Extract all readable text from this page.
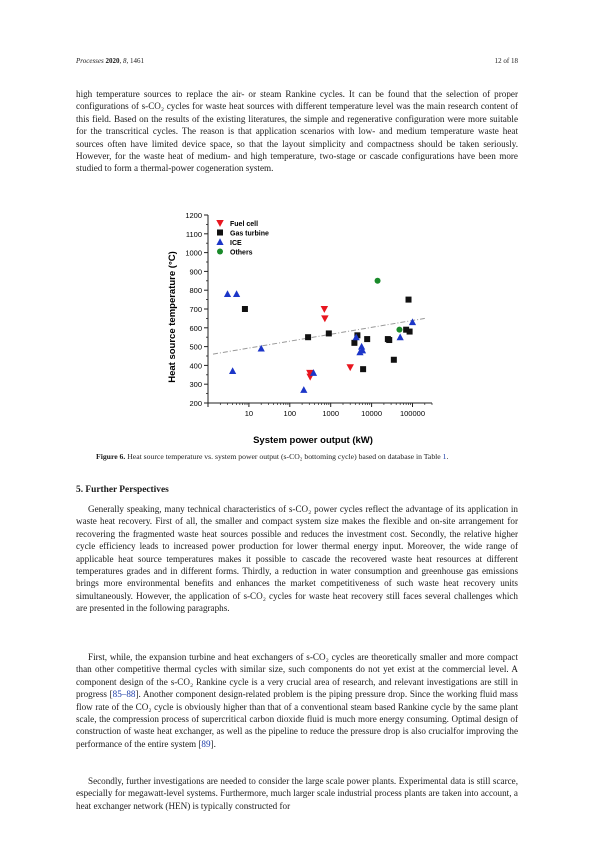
Processes 2020, 8, 1461	12 of 18

high temperature sources to replace the air- or steam Rankine cycles. It can be found that the selection of proper configurations of s-CO₂ cycles for waste heat sources with different temperature level was the main research content of this field. Based on the results of the existing literatures, the simple and regenerative configuration were more suitable for the transcritical cycles. The reason is that application scenarios with low- and medium temperature waste heat sources often have limited device space, so that the layout simplicity and compactness should be taken seriously. However, for the waste heat of medium- and high temperature, two-stage or cascade configurations have been more studied to form a thermal-power cogeneration system.

200
300
400
500
600
700
800
900
1000
1100
1200
10	100	1000	10000 100000
Fuel cell
Gas turbine
ICE
Others
System power output (kW)
Heat source temperature (°C)

Figure 6. Heat source temperature vs. system power output (s-CO₂ bottoming cycle) based on database in Table 1.

5. Further Perspectives

Generally speaking, many technical characteristics of s-CO₂ power cycles reflect the advantage of its application in waste heat recovery. First of all, the smaller and compact system size makes the flexible and on-site arrangement for recovering the fragmented waste heat sources possible and reduces the investment cost. Secondly, the relative higher cycle efficiency leads to increased power production for lower thermal energy input. Moreover, the wide range of applicable heat source temperatures makes it possible to cascade the recovered waste heat resources at different temperatures grades and in different forms. Thirdly, a reduction in water consumption and greenhouse gas emissions brings more environmental benefits and enhances the market competitiveness of such waste heat recovery units simultaneously. However, the application of s-CO₂ cycles for waste heat recovery still faces several challenges which are presented in the following paragraphs.

First, while, the expansion turbine and heat exchangers of s-CO₂ cycles are theoretically smaller and more compact than other competitive thermal cycles with similar size, such components do not yet exist at the commercial level. A component design of the s-CO₂ Rankine cycle is a very crucial area of research, and relevant investigations are still in progress [85–88]. Another component design-related problem is the piping pressure drop. Since the working fluid mass flow rate of the CO₂ cycle is obviously higher than that of a conventional steam based Rankine cycle by the same plant scale, the compression process of supercritical carbon dioxide fluid is much more energy consuming. Optimal design of construction of waste heat exchanger, as well as the pipeline to reduce the pressure drop is also crucialfor improving the performance of the entire system [89].

Secondly, further investigations are needed to consider the large scale power plants. Experimental data is still scarce, especially for megawatt-level systems. Furthermore, much larger scale industrial process plants are taken into account, a heat exchanger network (HEN) is typically constructed for
